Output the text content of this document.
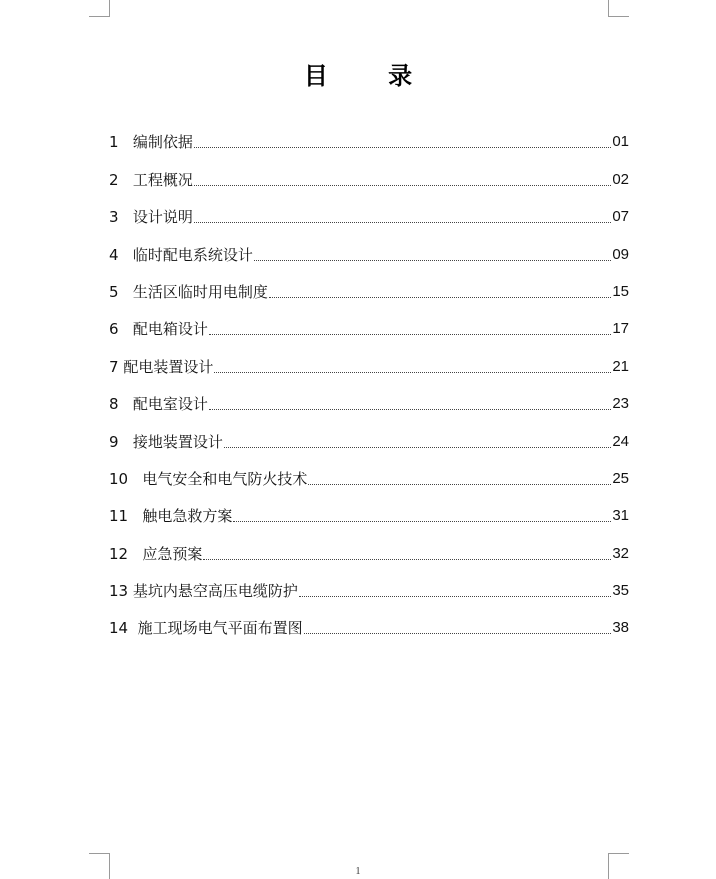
目 录
1 编制依据	01
2 工程概况	02
3 设计说明	07
4 临时配电系统设计	09
5 生活区临时用电制度	15
6 配电箱设计	17
7 配电装置设计	21
8 配电室设计	23
9 接地装置设计	24
10 电气安全和电气防火技术	25
11 触电急救方案	31
12 应急预案	32
13 基坑内悬空高压电缆防护	35
14 施工现场电气平面布置图	38
1
